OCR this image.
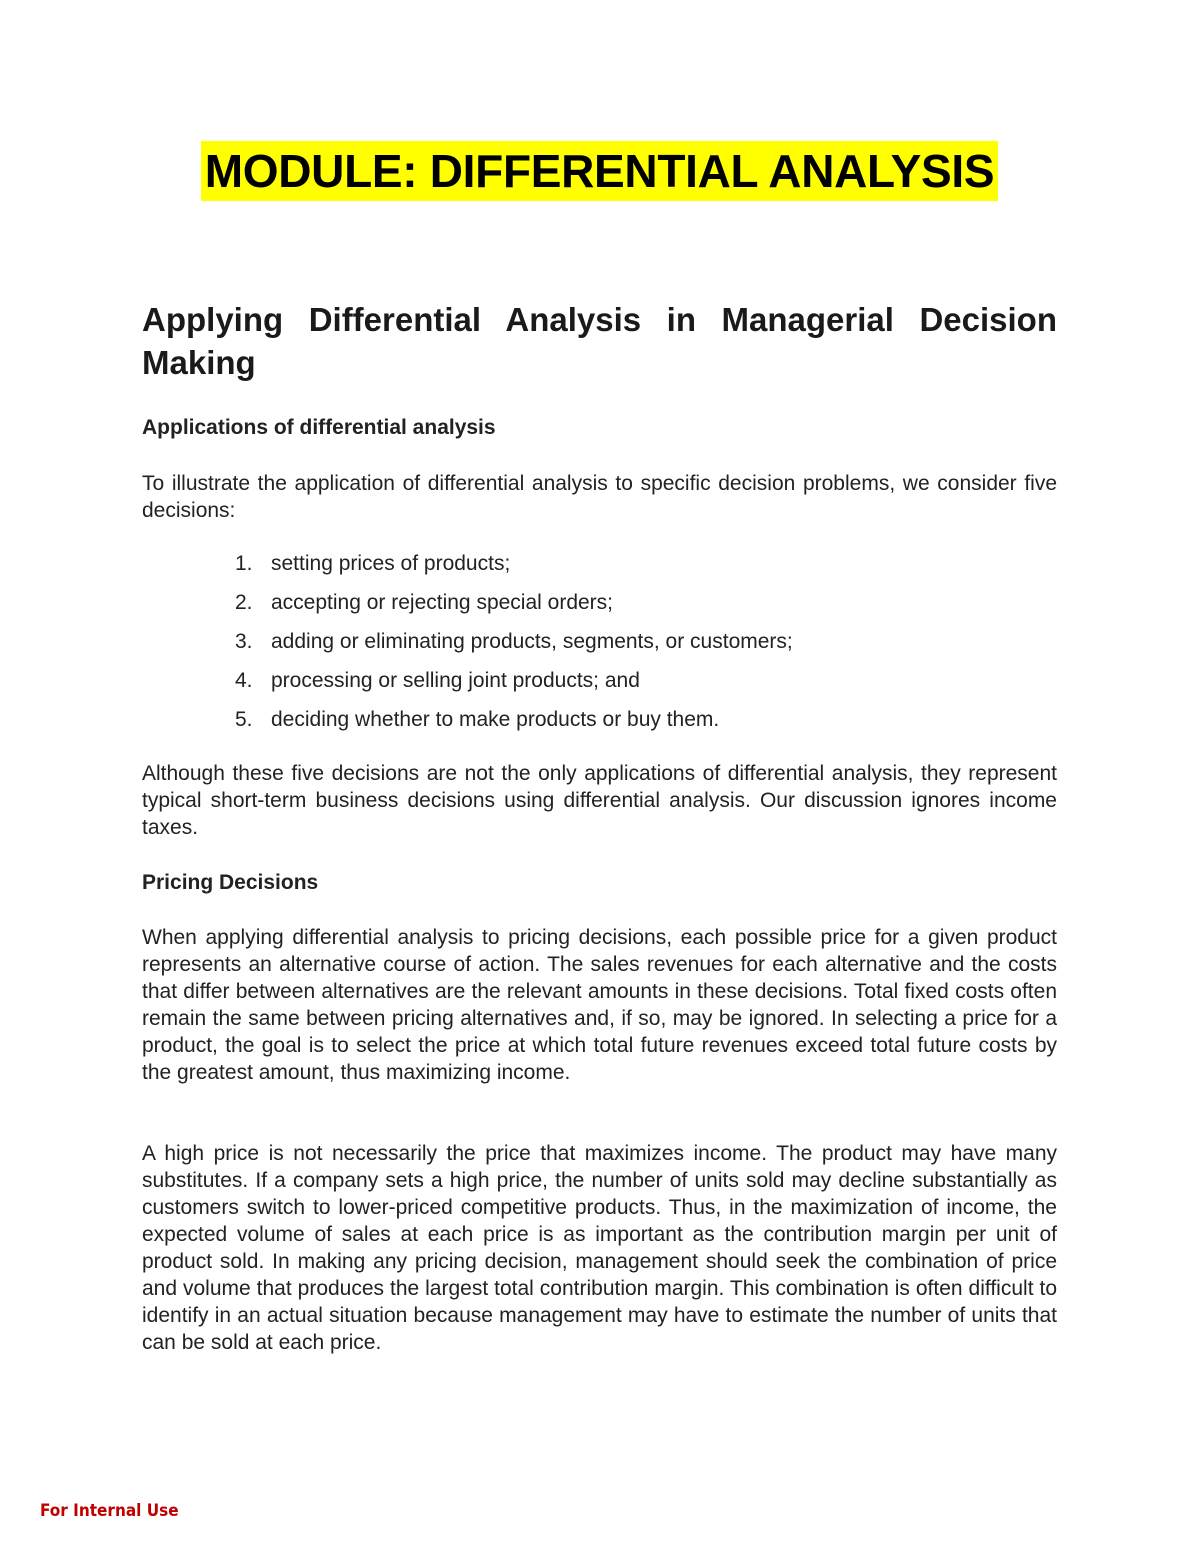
MODULE: DIFFERENTIAL ANALYSIS
Applying Differential Analysis in Managerial Decision Making
Applications of differential analysis
To illustrate the application of differential analysis to specific decision problems, we consider five decisions:
1. setting prices of products;
2. accepting or rejecting special orders;
3. adding or eliminating products, segments, or customers;
4. processing or selling joint products; and
5. deciding whether to make products or buy them.
Although these five decisions are not the only applications of differential analysis, they represent typical short-term business decisions using differential analysis. Our discussion ignores income taxes.
Pricing Decisions
When applying differential analysis to pricing decisions, each possible price for a given product represents an alternative course of action. The sales revenues for each alternative and the costs that differ between alternatives are the relevant amounts in these decisions. Total fixed costs often remain the same between pricing alternatives and, if so, may be ignored. In selecting a price for a product, the goal is to select the price at which total future revenues exceed total future costs by the greatest amount, thus maximizing income.
A high price is not necessarily the price that maximizes income. The product may have many substitutes. If a company sets a high price, the number of units sold may decline substantially as customers switch to lower-priced competitive products. Thus, in the maximization of income, the expected volume of sales at each price is as important as the contribution margin per unit of product sold. In making any pricing decision, management should seek the combination of price and volume that produces the largest total contribution margin. This combination is often difficult to identify in an actual situation because management may have to estimate the number of units that can be sold at each price.
For Internal Use
